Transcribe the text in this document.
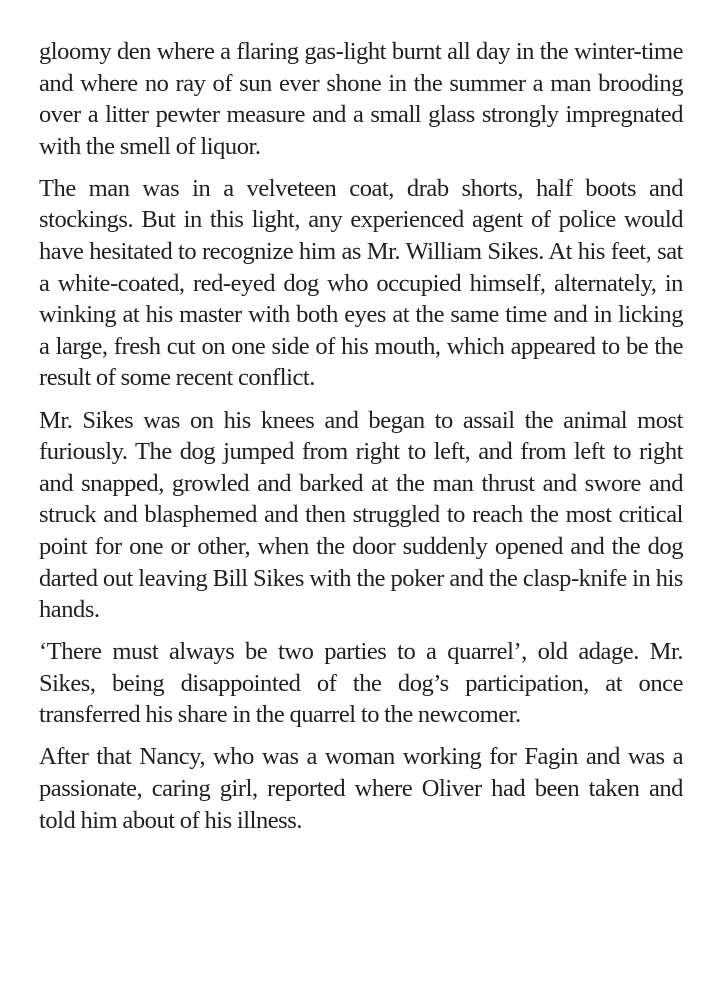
gloomy den where a flaring gas-light burnt all day in the winter-time and where no ray of sun ever shone in the summer a man brooding over a litter pewter measure and a small glass strongly impregnated with the smell of liquor.

The man was in a velveteen coat, drab shorts, half boots and stockings. But in this light, any experienced agent of police would have hesitated to recognize him as Mr. William Sikes. At his feet, sat a white-coated, red-eyed dog who occupied himself, alternately, in winking at his master with both eyes at the same time and in licking a large, fresh cut on one side of his mouth, which appeared to be the result of some recent conflict.

Mr. Sikes was on his knees and began to assail the animal most furiously. The dog jumped from right to left, and from left to right and snapped, growled and barked at the man thrust and swore and struck and blasphemed and then struggled to reach the most critical point for one or other, when the door suddenly opened and the dog darted out leaving Bill Sikes with the poker and the clasp-knife in his hands.

‘There must always be two parties to a quarrel’, old adage. Mr. Sikes, being disappointed of the dog’s participation, at once transferred his share in the quarrel to the newcomer.

After that Nancy, who was a woman working for Fagin and was a passionate, caring girl, reported where Oliver had been taken and told him about of his illness.
